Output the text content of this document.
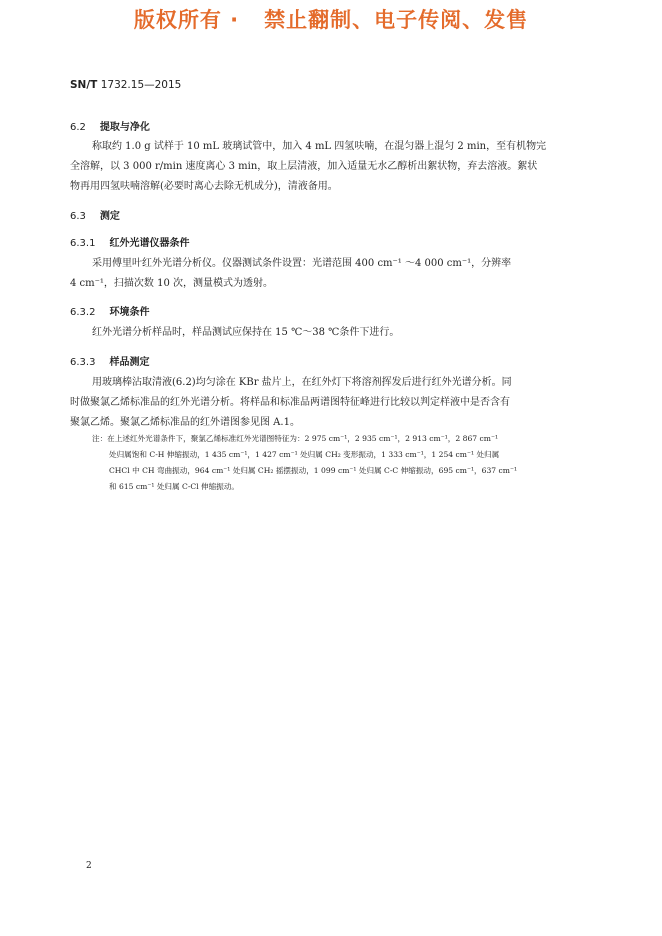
版权所有 ·   禁止翻制、电子传阅、发售
SN/T 1732.15—2015
6.2 提取与净化
称取约 1.0 g 试样于 10 mL 玻璃试管中，加入 4 mL 四氢呋喃，在混匀器上混匀 2 min，至有机物完
全溶解，以 3 000 r/min 速度离心 3 min，取上层清液，加入适量无水乙醇析出絮状物，弃去溶液。絮状
物再用四氢呋喃溶解(必要时离心去除无机成分)，清液备用。
6.3 测定
6.3.1 红外光谱仪器条件
采用傅里叶红外光谱分析仪。仪器测试条件设置：光谱范围 400 cm⁻¹ ～4 000 cm⁻¹，分辨率
4 cm⁻¹，扫描次数 10 次，测量模式为透射。
6.3.2 环境条件
红外光谱分析样品时，样品测试应保持在 15 ℃～38 ℃条件下进行。
6.3.3 样品测定
用玻璃棒沾取清液(6.2)均匀涂在 KBr 盐片上，在红外灯下将溶剂挥发后进行红外光谱分析。同
时做聚氯乙烯标准品的红外光谱分析。将样品和标准品两谱图特征峰进行比较以判定样液中是否含有
聚氯乙烯。聚氯乙烯标准品的红外谱图参见图 A.1。
注：在上述红外光谱条件下，聚氯乙烯标准红外光谱图特征为：2 975 cm⁻¹，2 935 cm⁻¹，2 913 cm⁻¹，2 867 cm⁻¹
处归属饱和 C-H 伸缩振动，1 435 cm⁻¹，1 427 cm⁻¹ 处归属 CH₂ 变形振动，1 333 cm⁻¹，1 254 cm⁻¹ 处归属
CHCl 中 CH 弯曲振动，964 cm⁻¹ 处归属 CH₂ 摇摆振动，1 099 cm⁻¹ 处归属 C-C 伸缩振动，695 cm⁻¹，637 cm⁻¹
和 615 cm⁻¹ 处归属 C-Cl 伸缩振动。
2
